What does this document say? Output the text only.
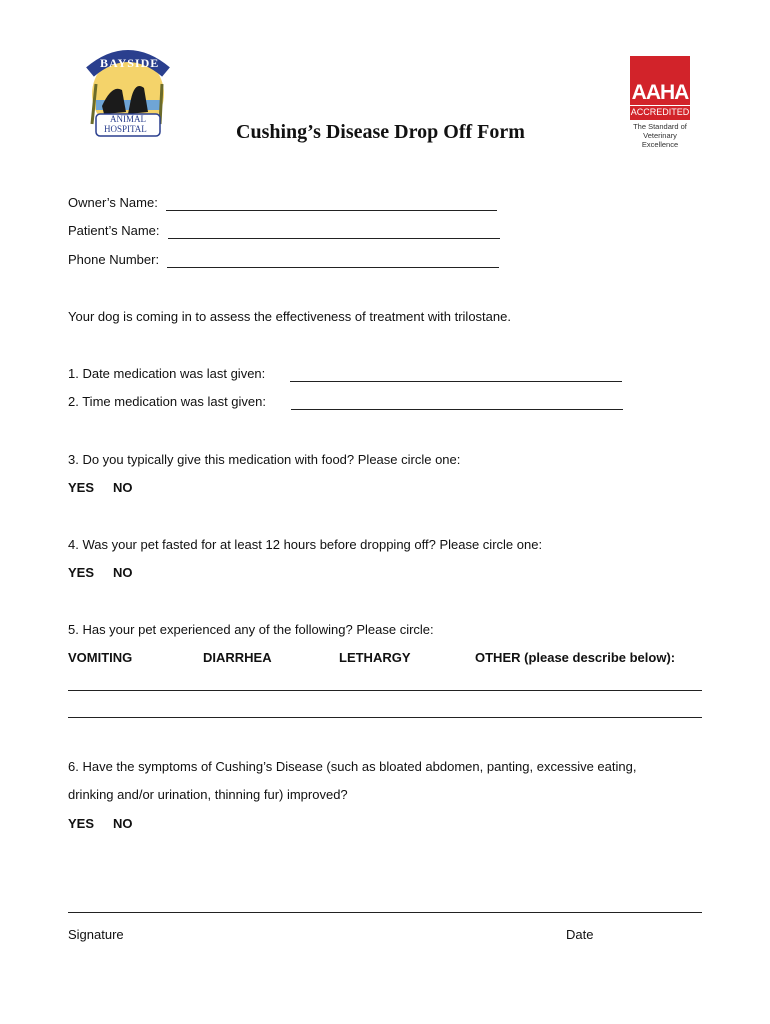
BAYSIDE
ANIMAL
HOSPITAL
AAHA
ACCREDITED
The Standard of
Veterinary Excellence
Cushing’s Disease Drop Off Form
Owner’s Name:
Patient’s Name:
Phone Number:
Your dog is coming in to assess the effectiveness of treatment with trilostane.
1. Date medication was last given:
2. Time medication was last given:
3. Do you typically give this medication with food? Please circle one:
YES NO
4. Was your pet fasted for at least 12 hours before dropping off? Please circle one:
YES NO
5. Has your pet experienced any of the following? Please circle:
VOMITING	DIARRHEA	LETHARGY	OTHER (please describe below):
6. Have the symptoms of Cushing’s Disease (such as bloated abdomen, panting, excessive eating,
drinking and/or urination, thinning fur) improved?
YES NO
Signature	Date
